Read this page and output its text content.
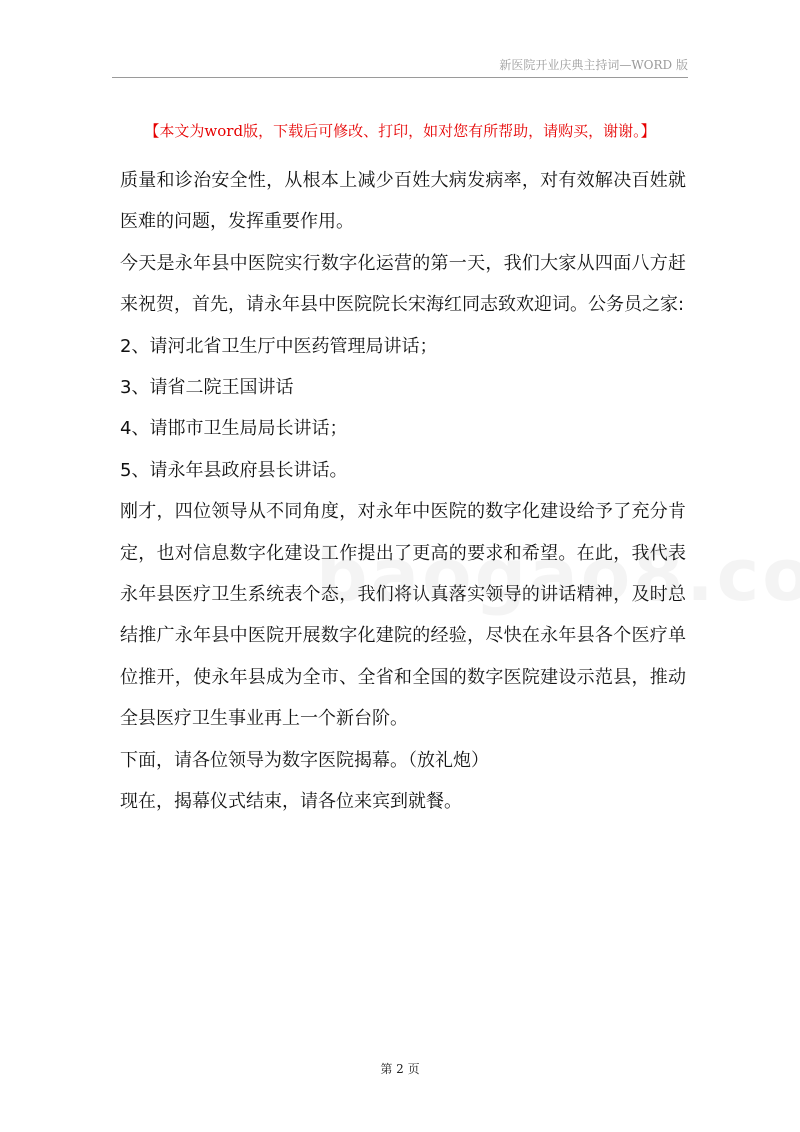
新医院开业庆典主持词—WORD 版
【本文为word版，下载后可修改、打印，如对您有所帮助，请购买，谢谢。】

质量和诊治安全性，从根本上减少百姓大病发病率，对有效解决百姓就医难的问题，发挥重要作用。

今天是永年县中医院实行数字化运营的第一天，我们大家从四面八方赶来祝贺，首先，请永年县中医院院长宋海红同志致欢迎词。公务员之家:

2、请河北省卫生厅中医药管理局讲话；

3、请省二院王国讲话

4、请邯市卫生局局长讲话；

5、请永年县政府县长讲话。

刚才，四位领导从不同角度，对永年中医院的数字化建设给予了充分肯定，也对信息数字化建设工作提出了更高的要求和希望。在此，我代表永年县医疗卫生系统表个态，我们将认真落实领导的讲话精神，及时总结推广永年县中医院开展数字化建院的经验，尽快在永年县各个医疗单位推开，使永年县成为全市、全省和全国的数字医院建设示范县，推动全县医疗卫生事业再上一个新台阶。

下面，请各位领导为数字医院揭幕。（放礼炮）

现在，揭幕仪式结束，请各位来宾到就餐。

第 2 页
